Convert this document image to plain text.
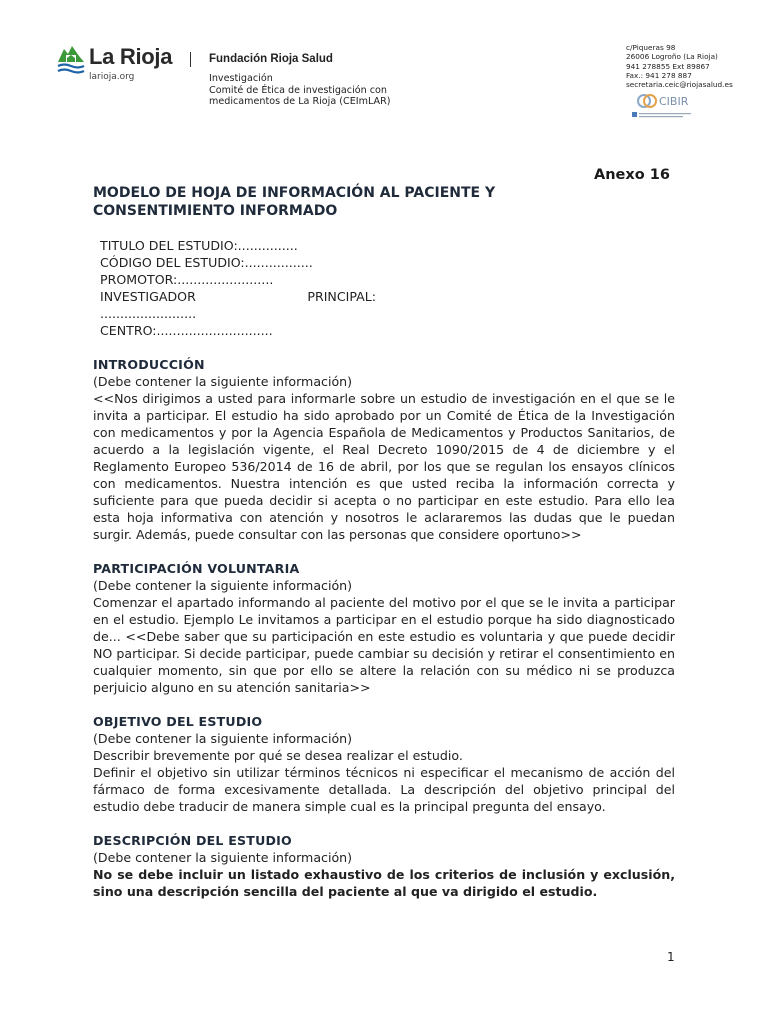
La Rioja
larioja.org
Fundación Rioja Salud
Investigación
Comité de Ética de investigación con
medicamentos de La Rioja (CEImLAR)
c/Piqueras 98
26006 Logroño (La Rioja)
941 278855 Ext 89867
Fax.: 941 278 887
secretaria.ceic@riojasalud.es
CIBIR
Anexo 16
MODELO DE HOJA DE INFORMACIÓN AL PACIENTE Y CONSENTIMIENTO INFORMADO
TITULO DEL ESTUDIO:...............
CÓDIGO DEL ESTUDIO:.................
PROMOTOR:........................
INVESTIGADOR	PRINCIPAL:
........................
CENTRO:.............................
INTRODUCCIÓN
(Debe contener la siguiente información)

<<Nos dirigimos a usted para informarle sobre un estudio de investigación en el que se le invita a participar. El estudio ha sido aprobado por un Comité de Ética de la Investigación con medicamentos y por la Agencia Española de Medicamentos y Productos Sanitarios, de acuerdo a la legislación vigente, el Real Decreto 1090/2015 de 4 de diciembre y el Reglamento Europeo 536/2014 de 16 de abril, por los que se regulan los ensayos clínicos con medicamentos. Nuestra intención es que usted reciba la información correcta y suficiente para que pueda decidir si acepta o no participar en este estudio. Para ello lea esta hoja informativa con atención y nosotros le aclararemos las dudas que le puedan surgir. Además, puede consultar con las personas que considere oportuno>>

PARTICIPACIÓN VOLUNTARIA
(Debe contener la siguiente información)

Comenzar el apartado informando al paciente del motivo por el que se le invita a participar en el estudio. Ejemplo Le invitamos a participar en el estudio porque ha sido diagnosticado de... <<Debe saber que su participación en este estudio es voluntaria y que puede decidir NO participar. Si decide participar, puede cambiar su decisión y retirar el consentimiento en cualquier momento, sin que por ello se altere la relación con su médico ni se produzca perjuicio alguno en su atención sanitaria>>

OBJETIVO DEL ESTUDIO
(Debe contener la siguiente información)

Describir brevemente por qué se desea realizar el estudio.

Definir el objetivo sin utilizar términos técnicos ni especificar el mecanismo de acción del fármaco de forma excesivamente detallada. La descripción del objetivo principal del estudio debe traducir de manera simple cual es la principal pregunta del ensayo.

DESCRIPCIÓN DEL ESTUDIO
(Debe contener la siguiente información)

No se debe incluir un listado exhaustivo de los criterios de inclusión y exclusión, sino una descripción sencilla del paciente al que va dirigido el estudio.

1
